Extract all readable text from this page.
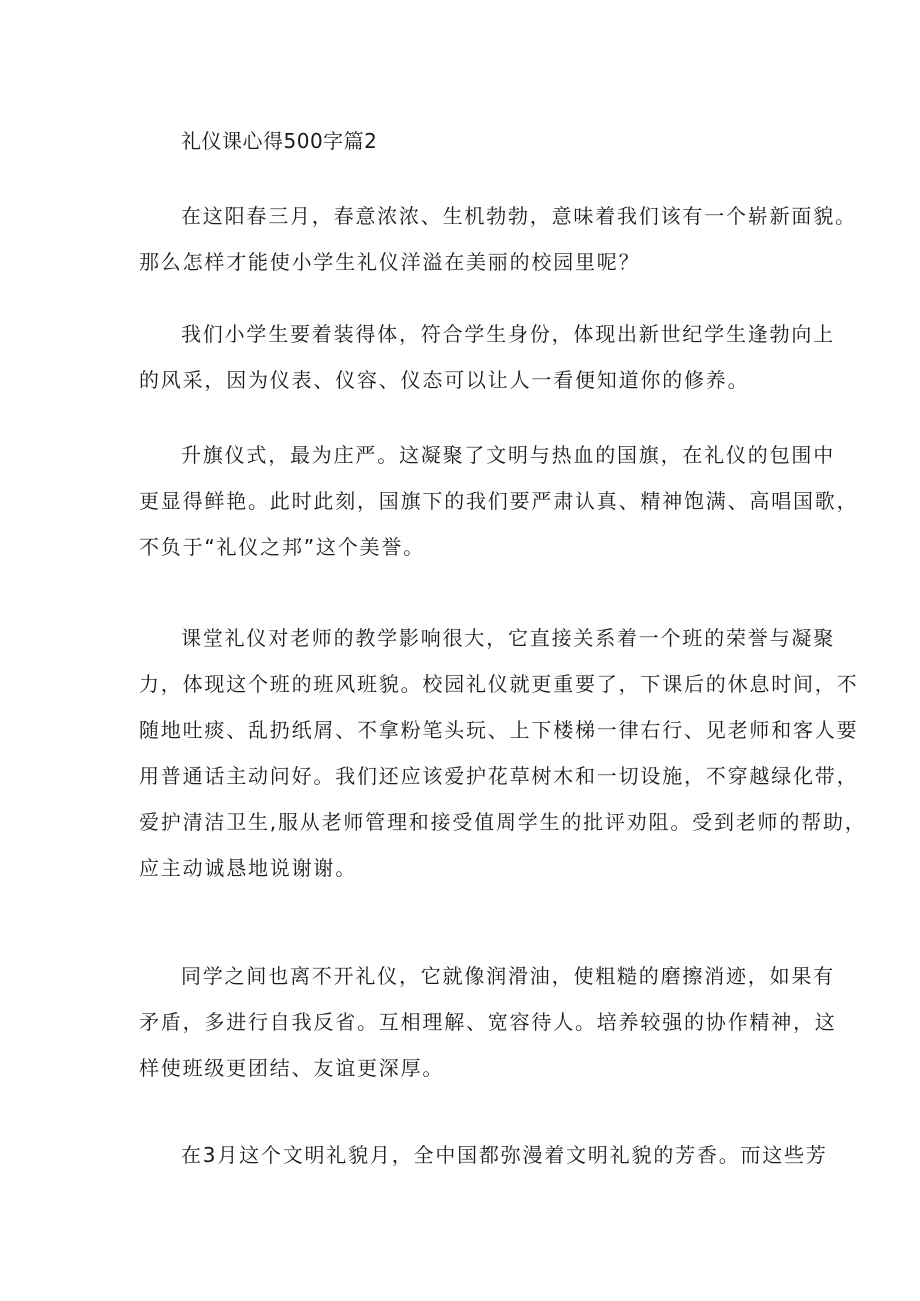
礼仪课心得500字篇2
在这阳春三月，春意浓浓、生机勃勃，意味着我们该有一个崭新面貌。
那么怎样才能使小学生礼仪洋溢在美丽的校园里呢？
我们小学生要着装得体，符合学生身份，体现出新世纪学生逢勃向上
的风采，因为仪表、仪容、仪态可以让人一看便知道你的修养。
升旗仪式，最为庄严。这凝聚了文明与热血的国旗，在礼仪的包围中
更显得鲜艳。此时此刻，国旗下的我们要严肃认真、精神饱满、高唱国歌，
不负于“礼仪之邦”这个美誉。
课堂礼仪对老师的教学影响很大，它直接关系着一个班的荣誉与凝聚
力，体现这个班的班风班貌。校园礼仪就更重要了，下课后的休息时间，不
随地吐痰、乱扔纸屑、不拿粉笔头玩、上下楼梯一律右行、见老师和客人要
用普通话主动问好。我们还应该爱护花草树木和一切设施，不穿越绿化带，
爱护清洁卫生,服从老师管理和接受值周学生的批评劝阻。受到老师的帮助，
应主动诚恳地说谢谢。
同学之间也离不开礼仪，它就像润滑油，使粗糙的磨擦消迹，如果有
矛盾，多进行自我反省。互相理解、宽容待人。培养较强的协作精神，这
样使班级更团结、友谊更深厚。
在3月这个文明礼貌月，全中国都弥漫着文明礼貌的芳香。而这些芳
